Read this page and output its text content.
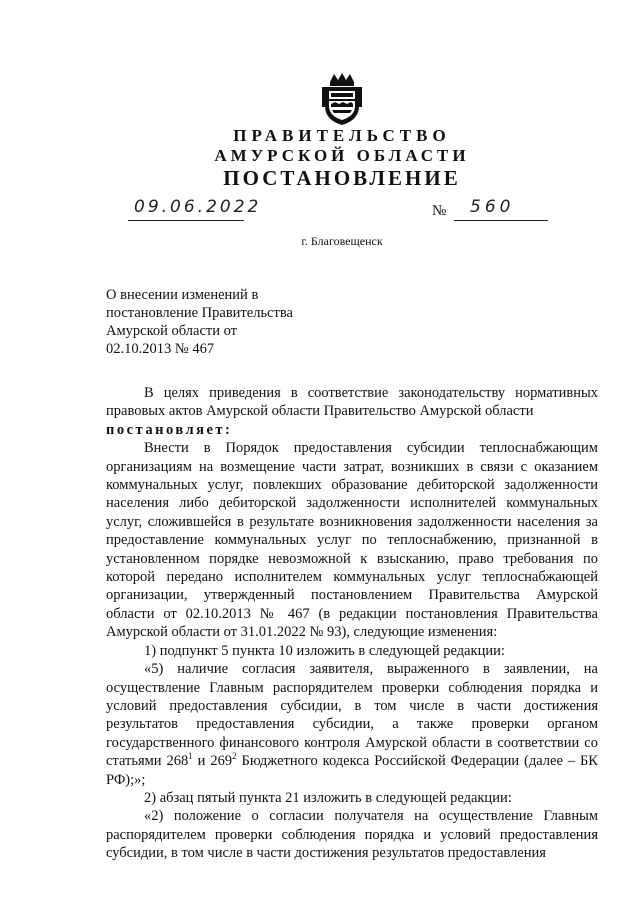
ПРАВИТЕЛЬСТВО
АМУРСКОЙ ОБЛАСТИ
ПОСТАНОВЛЕНИЕ
09.06.2022	№ 560
г. Благовещенск
О внесении изменений в
постановление Правительства
Амурской области от
02.10.2013 № 467

В целях приведения в соответствие законодательству нормативных правовых актов Амурской области Правительство Амурской области

постановляет:

Внести в Порядок предоставления субсидии теплоснабжающим организациям на возмещение части затрат, возникших в связи с оказанием коммунальных услуг, повлекших образование дебиторской задолженности населения либо дебиторской задолженности исполнителей коммунальных услуг, сложившейся в результате возникновения задолженности населения за предоставление коммунальных услуг по теплоснабжению, признанной в установленном порядке невозможной к взысканию, право требования по которой передано исполнителем коммунальных услуг теплоснабжающей организации, утвержденный постановлением Правительства Амурской области от 02.10.2013 № 467 (в редакции постановления Правительства Амурской области от 31.01.2022 № 93), следующие изменения:

1) подпункт 5 пункта 10 изложить в следующей редакции:

«5) наличие согласия заявителя, выраженного в заявлении, на осуществление Главным распорядителем проверки соблюдения порядка и условий предоставления субсидии, в том числе в части достижения результатов предоставления субсидии, а также проверки органом государственного финансового контроля Амурской области в соответствии со статьями $268^1$ и $269^2$ Бюджетного кодекса Российской Федерации (далее – БК РФ);»;

2) абзац пятый пункта 21 изложить в следующей редакции:

«2) положение о согласии получателя на осуществление Главным распорядителем проверки соблюдения порядка и условий предоставления субсидии, в том числе в части достижения результатов предоставления
